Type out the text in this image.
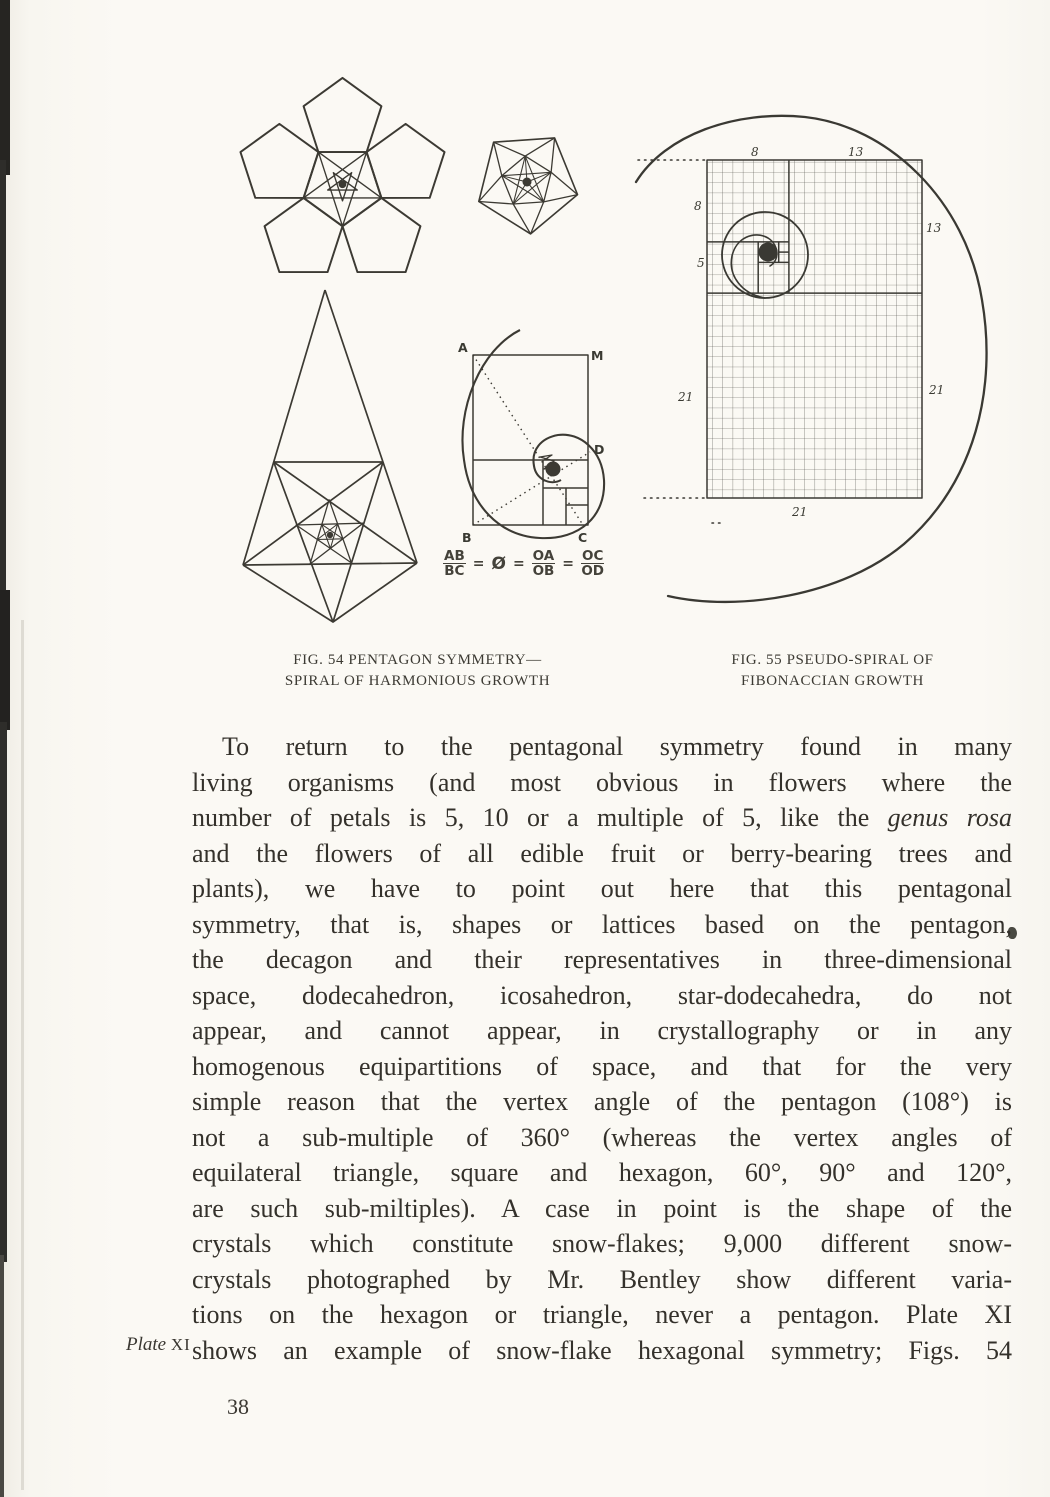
A
M
D
B	C
$\frac{AB}{BC}$ = Ø = $\frac{OA}{OB} = \frac{OC}{OD}$
8	13
8
5
21
13
21
21
FIG. 54 PENTAGON SYMMETRY—
SPIRAL OF HARMONIOUS GROWTH
FIG. 55 PSEUDO-SPIRAL OF
FIBONACCIAN GROWTH
To return to the pentagonal symmetry found in many
living organisms (and most obvious in flowers where the
number of petals is 5, 10 or a multiple of 5, like the genus rosa
and the flowers of all edible fruit or berry-bearing trees and
plants), we have to point out here that this pentagonal
symmetry, that is, shapes or lattices based on the pentagon,
the decagon and their representatives in three-dimensional
space, dodecahedron, icosahedron, star-dodecahedra, do not
appear, and cannot appear, in crystallography or in any
homogenous equipartitions of space, and that for the very
simple reason that the vertex angle of the pentagon (108°) is
not a sub-multiple of 360° (whereas the vertex angles of
equilateral triangle, square and hexagon, 60°, 90° and 120°,
are such sub-miltiples). A case in point is the shape of the
crystals which constitute snow-flakes; 9,000 different snow-
crystals photographed by Mr. Bentley show different varia-
tions on the hexagon or triangle, never a pentagon. Plate XI
shows an example of snow-flake hexagonal symmetry; Figs. 54
Plate XI
38
